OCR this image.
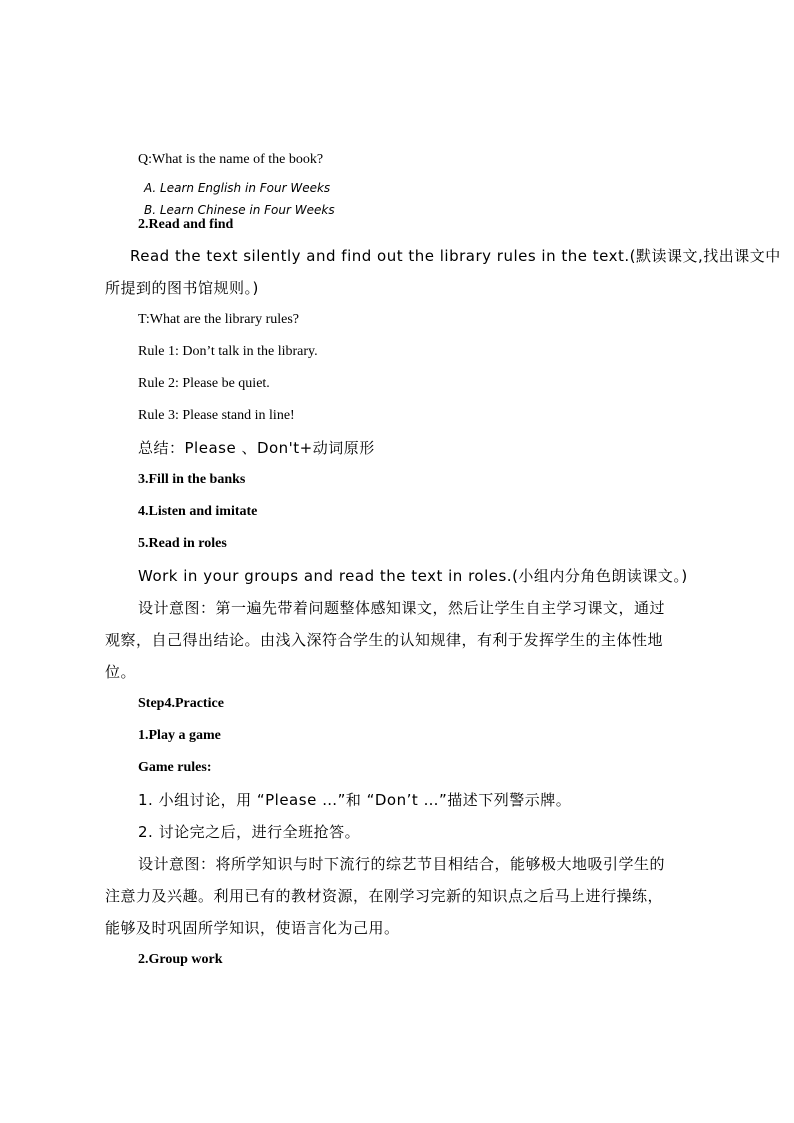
Q:What is the name of the book?
A. Learn English in Four Weeks
B. Learn Chinese in Four Weeks
2.Read and find
Read the text silently and find out the library rules in the text.(默读课文,找出课文中
所提到的图书馆规则。)
T:What are the library rules?
Rule 1: Don’t talk in the library.
Rule 2: Please be quiet.
Rule 3: Please stand in line!
总结：Please 、Don't+动词原形
3.Fill in the banks
4.Listen and imitate
5.Read in roles
Work in your groups and read the text in roles.(小组内分角色朗读课文。)
设计意图：第一遍先带着问题整体感知课文，然后让学生自主学习课文，通过
观察，自己得出结论。由浅入深符合学生的认知规律，有利于发挥学生的主体性地
位。
Step4.Practice
1.Play a game
Game rules:
1. 小组讨论，用 “Please …”和 “Don’t …”描述下列警示牌。
2. 讨论完之后，进行全班抢答。
设计意图：将所学知识与时下流行的综艺节目相结合，能够极大地吸引学生的
注意力及兴趣。利用已有的教材资源，在刚学习完新的知识点之后马上进行操练，
能够及时巩固所学知识，使语言化为己用。
2.Group work
